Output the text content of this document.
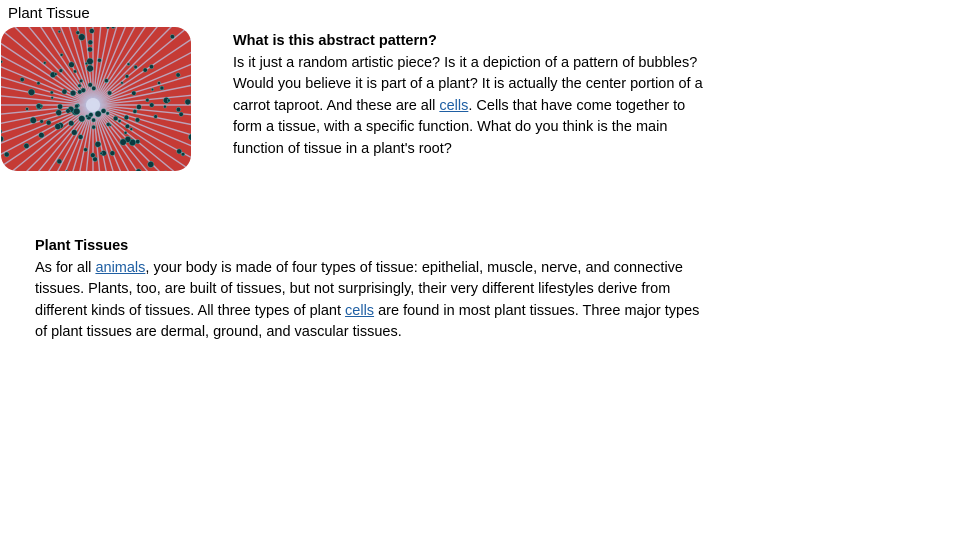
Plant Tissue
What is this abstract pattern?
Is it just a random artistic piece? Is it a depiction of a pattern of bubbles? Would you believe it is part of a plant? It is actually the center portion of a carrot taproot. And these are all cells. Cells that have come together to form a tissue, with a specific function. What do you think is the main function of tissue in a plant's root?
Plant Tissues
As for all animals, your body is made of four types of tissue: epithelial, muscle, nerve, and connective tissues. Plants, too, are built of tissues, but not surprisingly, their very different lifestyles derive from different kinds of tissues. All three types of plant cells are found in most plant tissues. Three major types of plant tissues are dermal, ground, and vascular tissues.
